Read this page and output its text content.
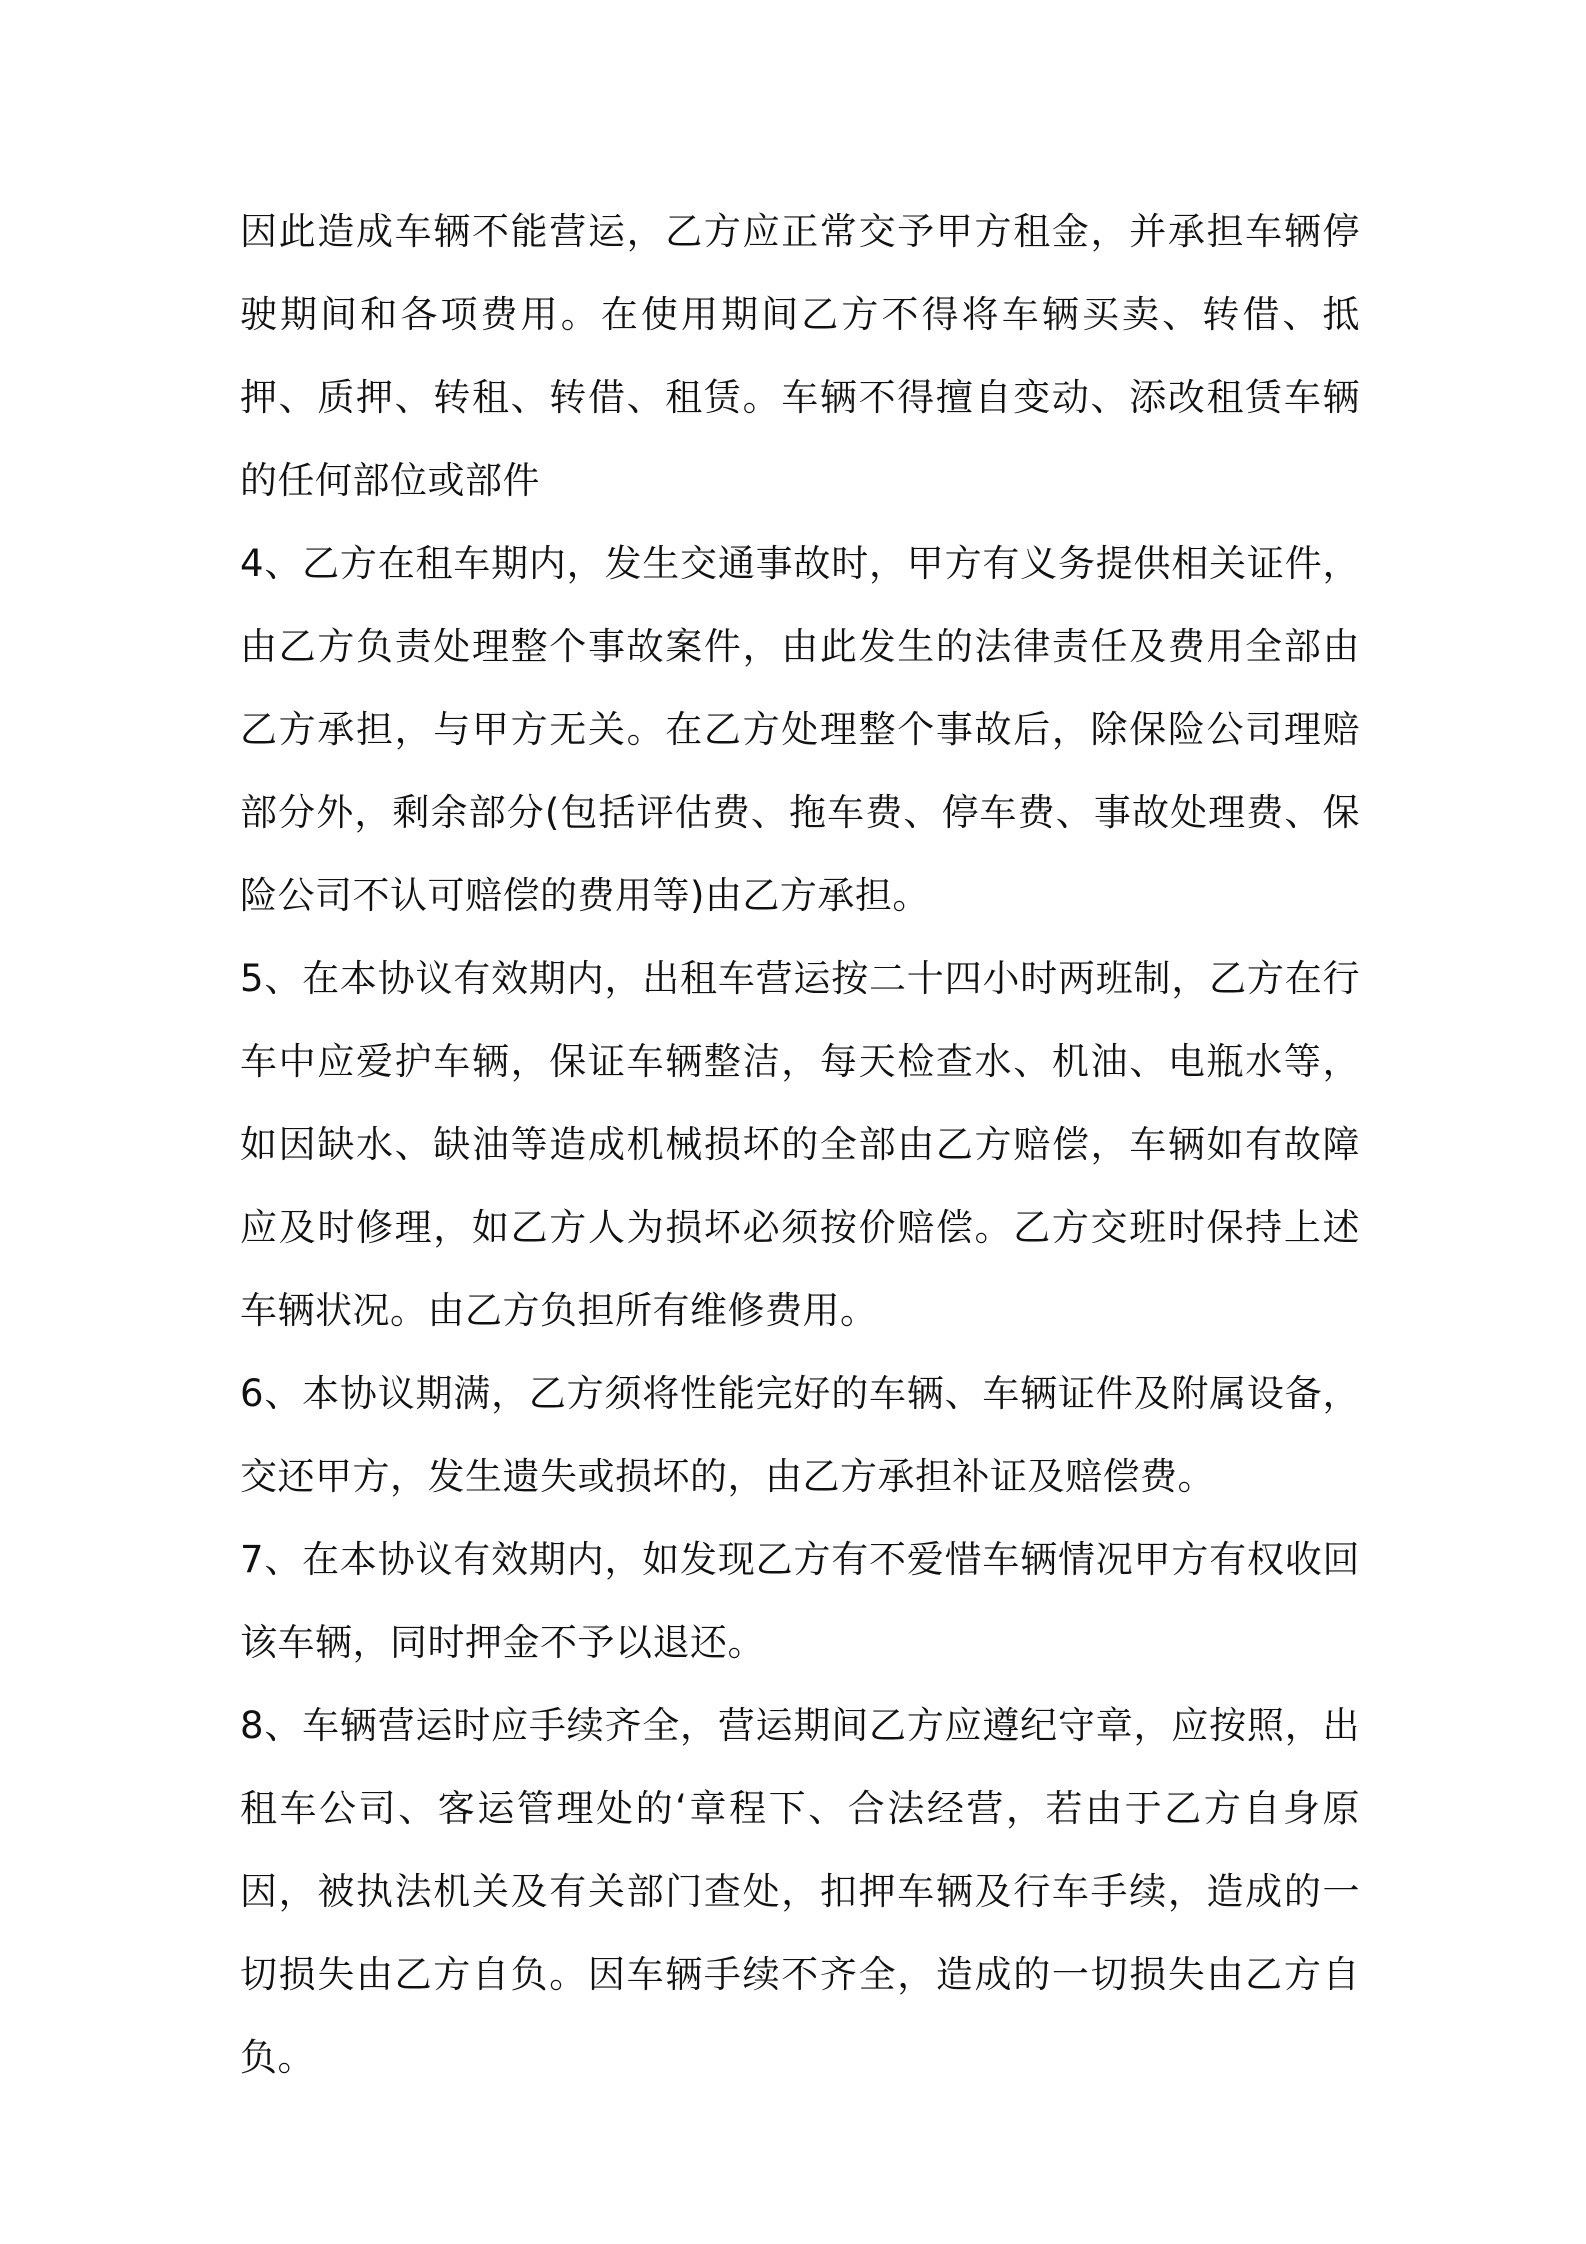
因此造成车辆不能营运，乙方应正常交予甲方租金，并承担车辆停驶期间和各项费用。在使用期间乙方不得将车辆买卖、转借、抵押、质押、转租、转借、租赁。车辆不得擅自变动、添改租赁车辆的任何部位或部件

4、乙方在租车期内，发生交通事故时，甲方有义务提供相关证件，由乙方负责处理整个事故案件，由此发生的法律责任及费用全部由乙方承担，与甲方无关。在乙方处理整个事故后，除保险公司理赔部分外，剩余部分(包括评估费、拖车费、停车费、事故处理费、保险公司不认可赔偿的费用等)由乙方承担。

5、在本协议有效期内，出租车营运按二十四小时两班制，乙方在行车中应爱护车辆，保证车辆整洁，每天检查水、机油、电瓶水等，如因缺水、缺油等造成机械损坏的全部由乙方赔偿，车辆如有故障应及时修理，如乙方人为损坏必须按价赔偿。乙方交班时保持上述车辆状况。由乙方负担所有维修费用。

6、本协议期满，乙方须将性能完好的车辆、车辆证件及附属设备，交还甲方，发生遗失或损坏的，由乙方承担补证及赔偿费。

7、在本协议有效期内，如发现乙方有不爱惜车辆情况甲方有权收回该车辆，同时押金不予以退还。

8、车辆营运时应手续齐全，营运期间乙方应遵纪守章，应按照，出租车公司、客运管理处的‘章程下、合法经营，若由于乙方自身原因，被执法机关及有关部门查处，扣押车辆及行车手续，造成的一切损失由乙方自负。因车辆手续不齐全，造成的一切损失由乙方自负。
